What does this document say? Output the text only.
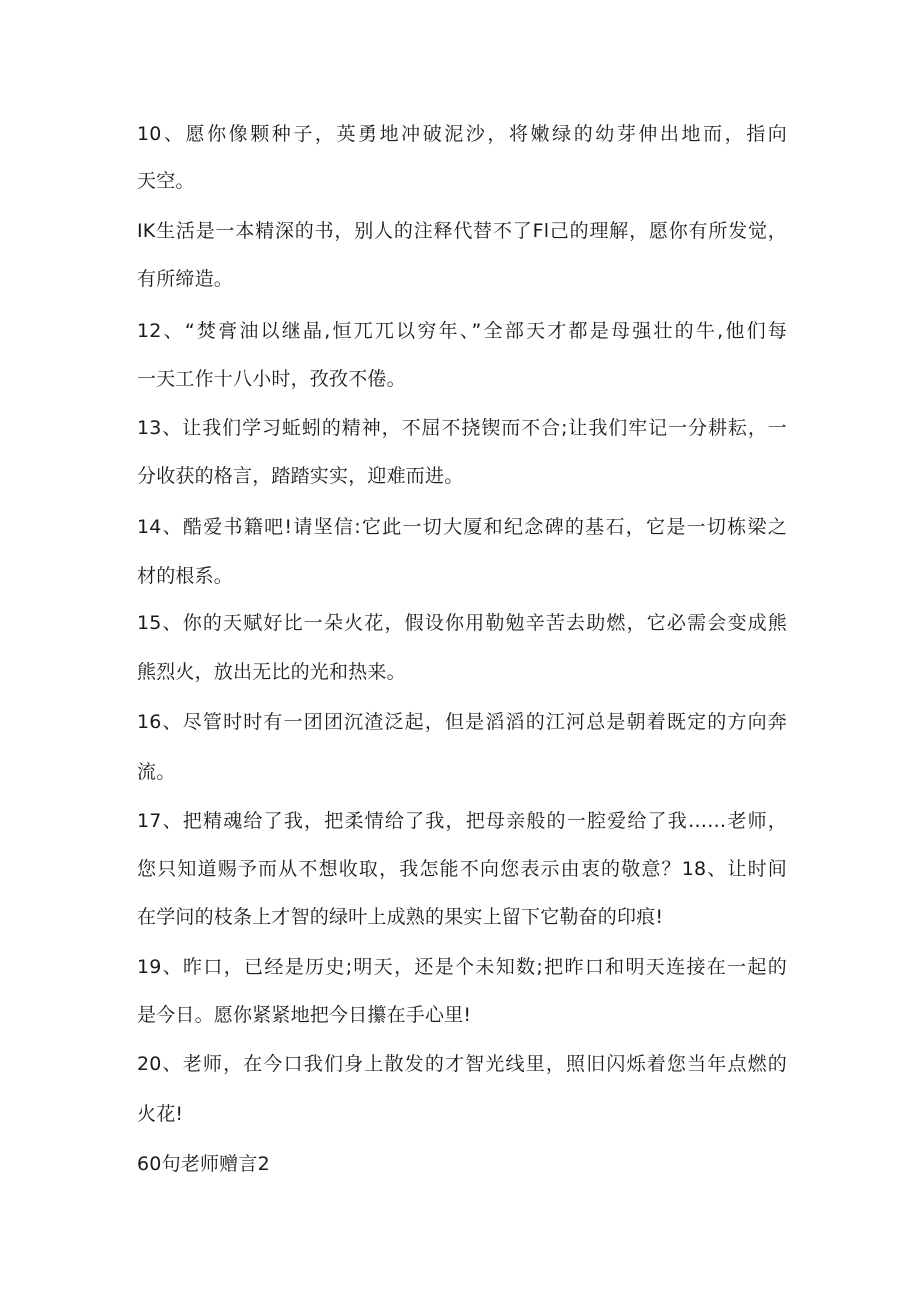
10、愿你像颗种子，英勇地冲破泥沙，将嫩绿的幼芽伸出地而，指向
天空。
IK生活是一本精深的书，别人的注释代替不了Fl己的理解，愿你有所发觉，
有所缔造。
12、“焚膏油以继晶,恒兀兀以穷年、”全部天才都是母强壮的牛,他们每
一天工作十八小时，孜孜不倦。
13、让我们学习蚯蚓的精神，不屈不挠锲而不合;让我们牢记一分耕耘，一
分收获的格言，踏踏实实，迎难而进。
14、酷爱书籍吧!请坚信:它此一切大厦和纪念碑的基石，它是一切栋梁之
材的根系。
15、你的天赋好比一朵火花，假设你用勒勉辛苦去助燃，它必需会变成熊
熊烈火，放出无比的光和热来。
16、尽管时时有一团团沉渣泛起，但是滔滔的江河总是朝着既定的方向奔
流。
17、把精魂给了我，把柔情给了我，把母亲般的一腔爱给了我……老师，
您只知道赐予而从不想收取，我怎能不向您表示由衷的敬意？18、让时间
在学问的枝条上才智的绿叶上成熟的果实上留下它勒奋的印痕!
19、昨口，已经是历史;明天，还是个未知数;把昨口和明天连接在一起的
是今日。愿你紧紧地把今日攥在手心里!
20、老师，在今口我们身上散发的才智光线里，照旧闪烁着您当年点燃的
火花!
60句老师赠言2
